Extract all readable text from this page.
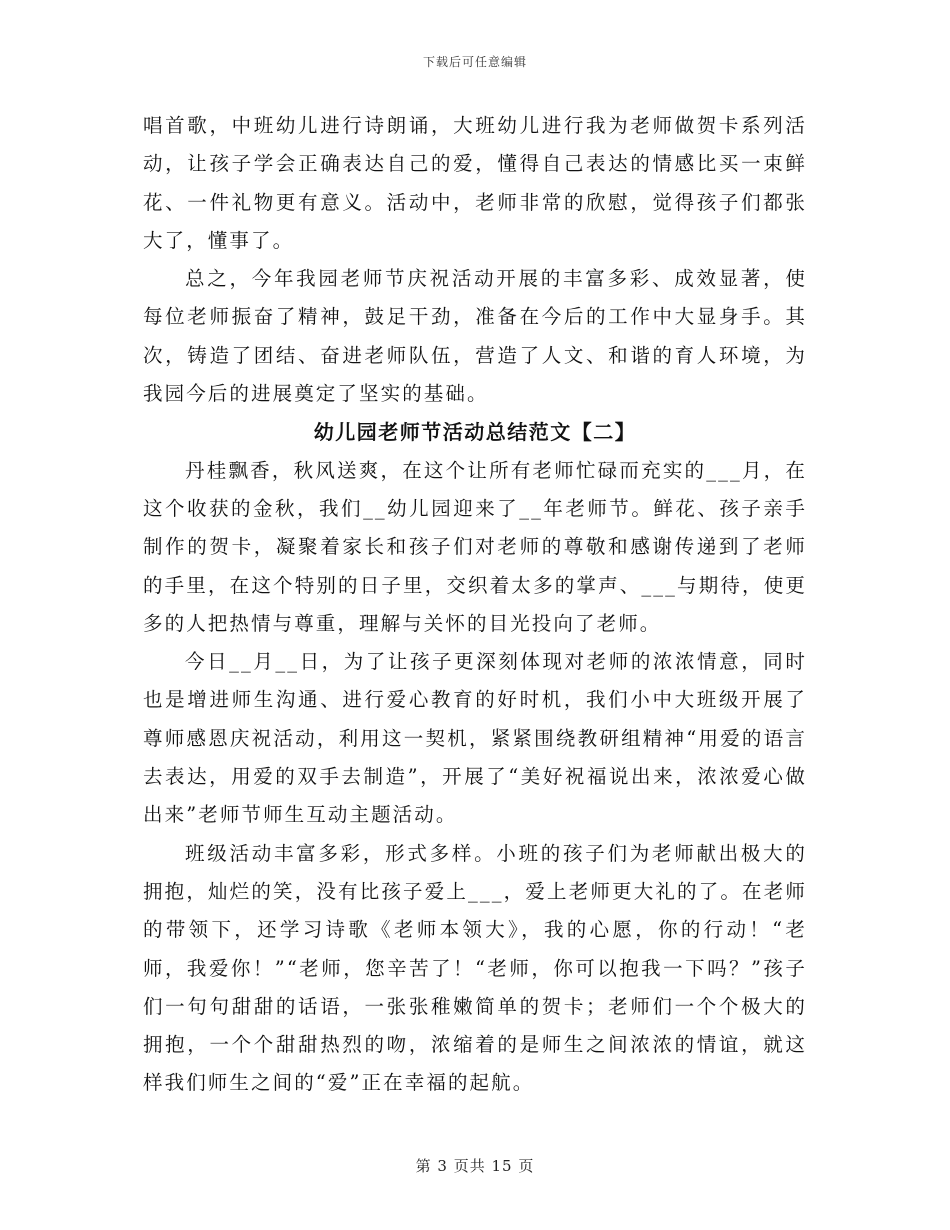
下载后可任意编辑

唱首歌，中班幼儿进行诗朗诵，大班幼儿进行我为老师做贺卡系列活动，让孩子学会正确表达自己的爱，懂得自己表达的情感比买一束鲜花、一件礼物更有意义。活动中，老师非常的欣慰，觉得孩子们都张大了，懂事了。

总之，今年我园老师节庆祝活动开展的丰富多彩、成效显著，使每位老师振奋了精神，鼓足干劲，准备在今后的工作中大显身手。其次，铸造了团结、奋进老师队伍，营造了人文、和谐的育人环境，为我园今后的进展奠定了坚实的基础。

幼儿园老师节活动总结范文【二】

丹桂飘香，秋风送爽，在这个让所有老师忙碌而充实的___月，在这个收获的金秋，我们__幼儿园迎来了__年老师节。鲜花、孩子亲手制作的贺卡，凝聚着家长和孩子们对老师的尊敬和感谢传递到了老师的手里，在这个特别的日子里，交织着太多的掌声、___与期待，使更多的人把热情与尊重，理解与关怀的目光投向了老师。

今日__月__日，为了让孩子更深刻体现对老师的浓浓情意，同时也是增进师生沟通、进行爱心教育的好时机，我们小中大班级开展了尊师感恩庆祝活动，利用这一契机，紧紧围绕教研组精神“用爱的语言去表达，用爱的双手去制造”，开展了“美好祝福说出来，浓浓爱心做出来”老师节师生互动主题活动。

班级活动丰富多彩，形式多样。小班的孩子们为老师献出极大的拥抱，灿烂的笑，没有比孩子爱上___，爱上老师更大礼的了。在老师的带领下，还学习诗歌《老师本领大》，我的心愿，你的行动！“老师，我爱你！”“老师，您辛苦了！“老师，你可以抱我一下吗？”孩子们一句句甜甜的话语，一张张稚嫩简单的贺卡；老师们一个个极大的拥抱，一个个甜甜热烈的吻，浓缩着的是师生之间浓浓的情谊，就这样我们师生之间的“爱”正在幸福的起航。

第 3 页共 15 页
